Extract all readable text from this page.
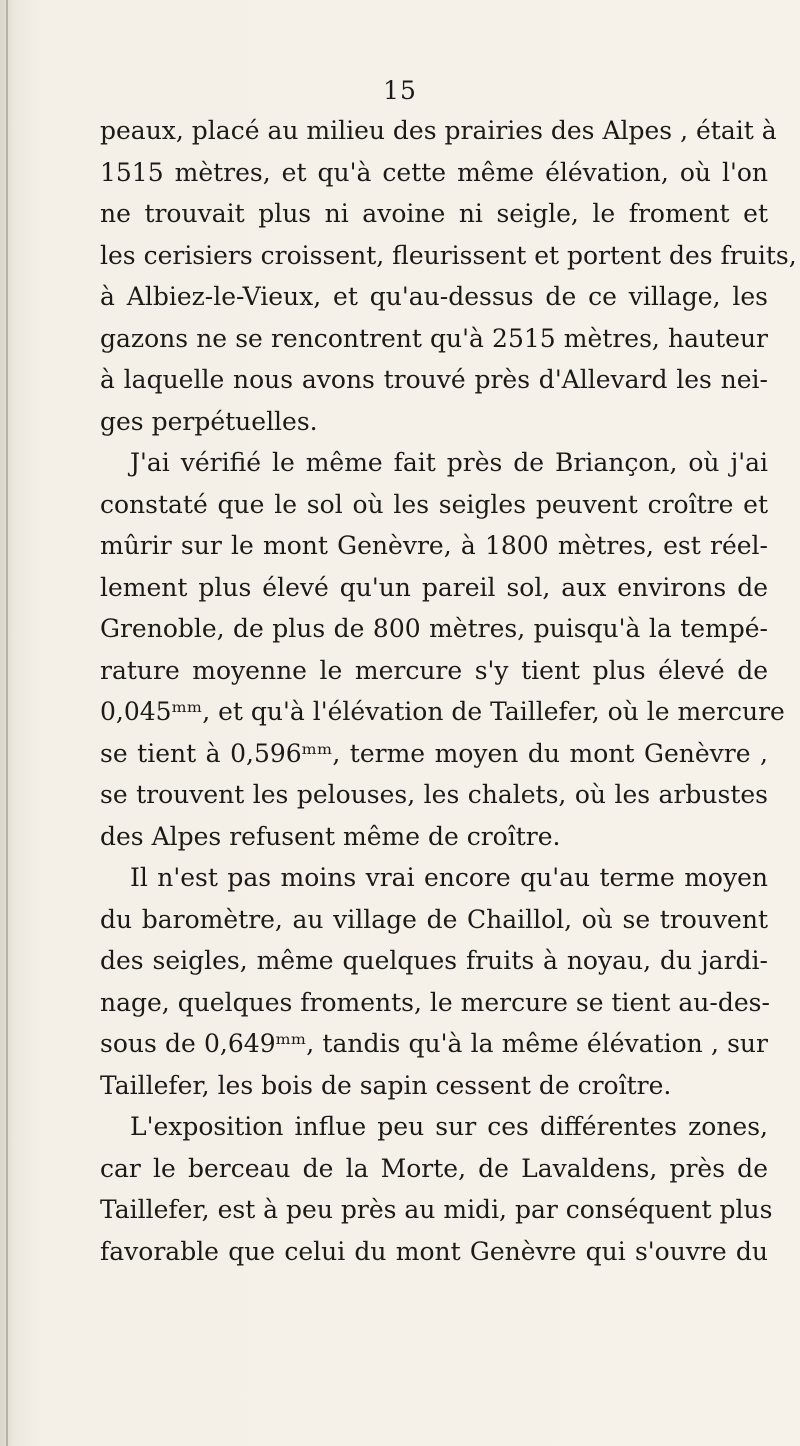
15
peaux, placé au milieu des prairies des Alpes , était à
1515 mètres, et qu'à cette même élévation, où l'on
ne trouvait plus ni avoine ni seigle, le froment et
les cerisiers croissent, fleurissent et portent des fruits,
à Albiez-le-Vieux, et qu'au-dessus de ce village, les
gazons ne se rencontrent qu'à 2515 mètres, hauteur
à laquelle nous avons trouvé près d'Allevard les nei-
ges perpétuelles.
J'ai vérifié le même fait près de Briançon, où j'ai
constaté que le sol où les seigles peuvent croître et
mûrir sur le mont Genèvre, à 1800 mètres, est réel-
lement plus élevé qu'un pareil sol, aux environs de
Grenoble, de plus de 800 mètres, puisqu'à la tempé-
rature moyenne le mercure s'y tient plus élevé de
0,045ᵐᵐ, et qu'à l'élévation de Taillefer, où le mercure
se tient à 0,596ᵐᵐ, terme moyen du mont Genèvre ,
se trouvent les pelouses, les chalets, où les arbustes
des Alpes refusent même de croître.
Il n'est pas moins vrai encore qu'au terme moyen
du baromètre, au village de Chaillol, où se trouvent
des seigles, même quelques fruits à noyau, du jardi-
nage, quelques froments, le mercure se tient au-des-
sous de 0,649ᵐᵐ, tandis qu'à la même élévation , sur
Taillefer, les bois de sapin cessent de croître.
L'exposition influe peu sur ces différentes zones,
car le berceau de la Morte, de Lavaldens, près de
Taillefer, est à peu près au midi, par conséquent plus
favorable que celui du mont Genèvre qui s'ouvre du
